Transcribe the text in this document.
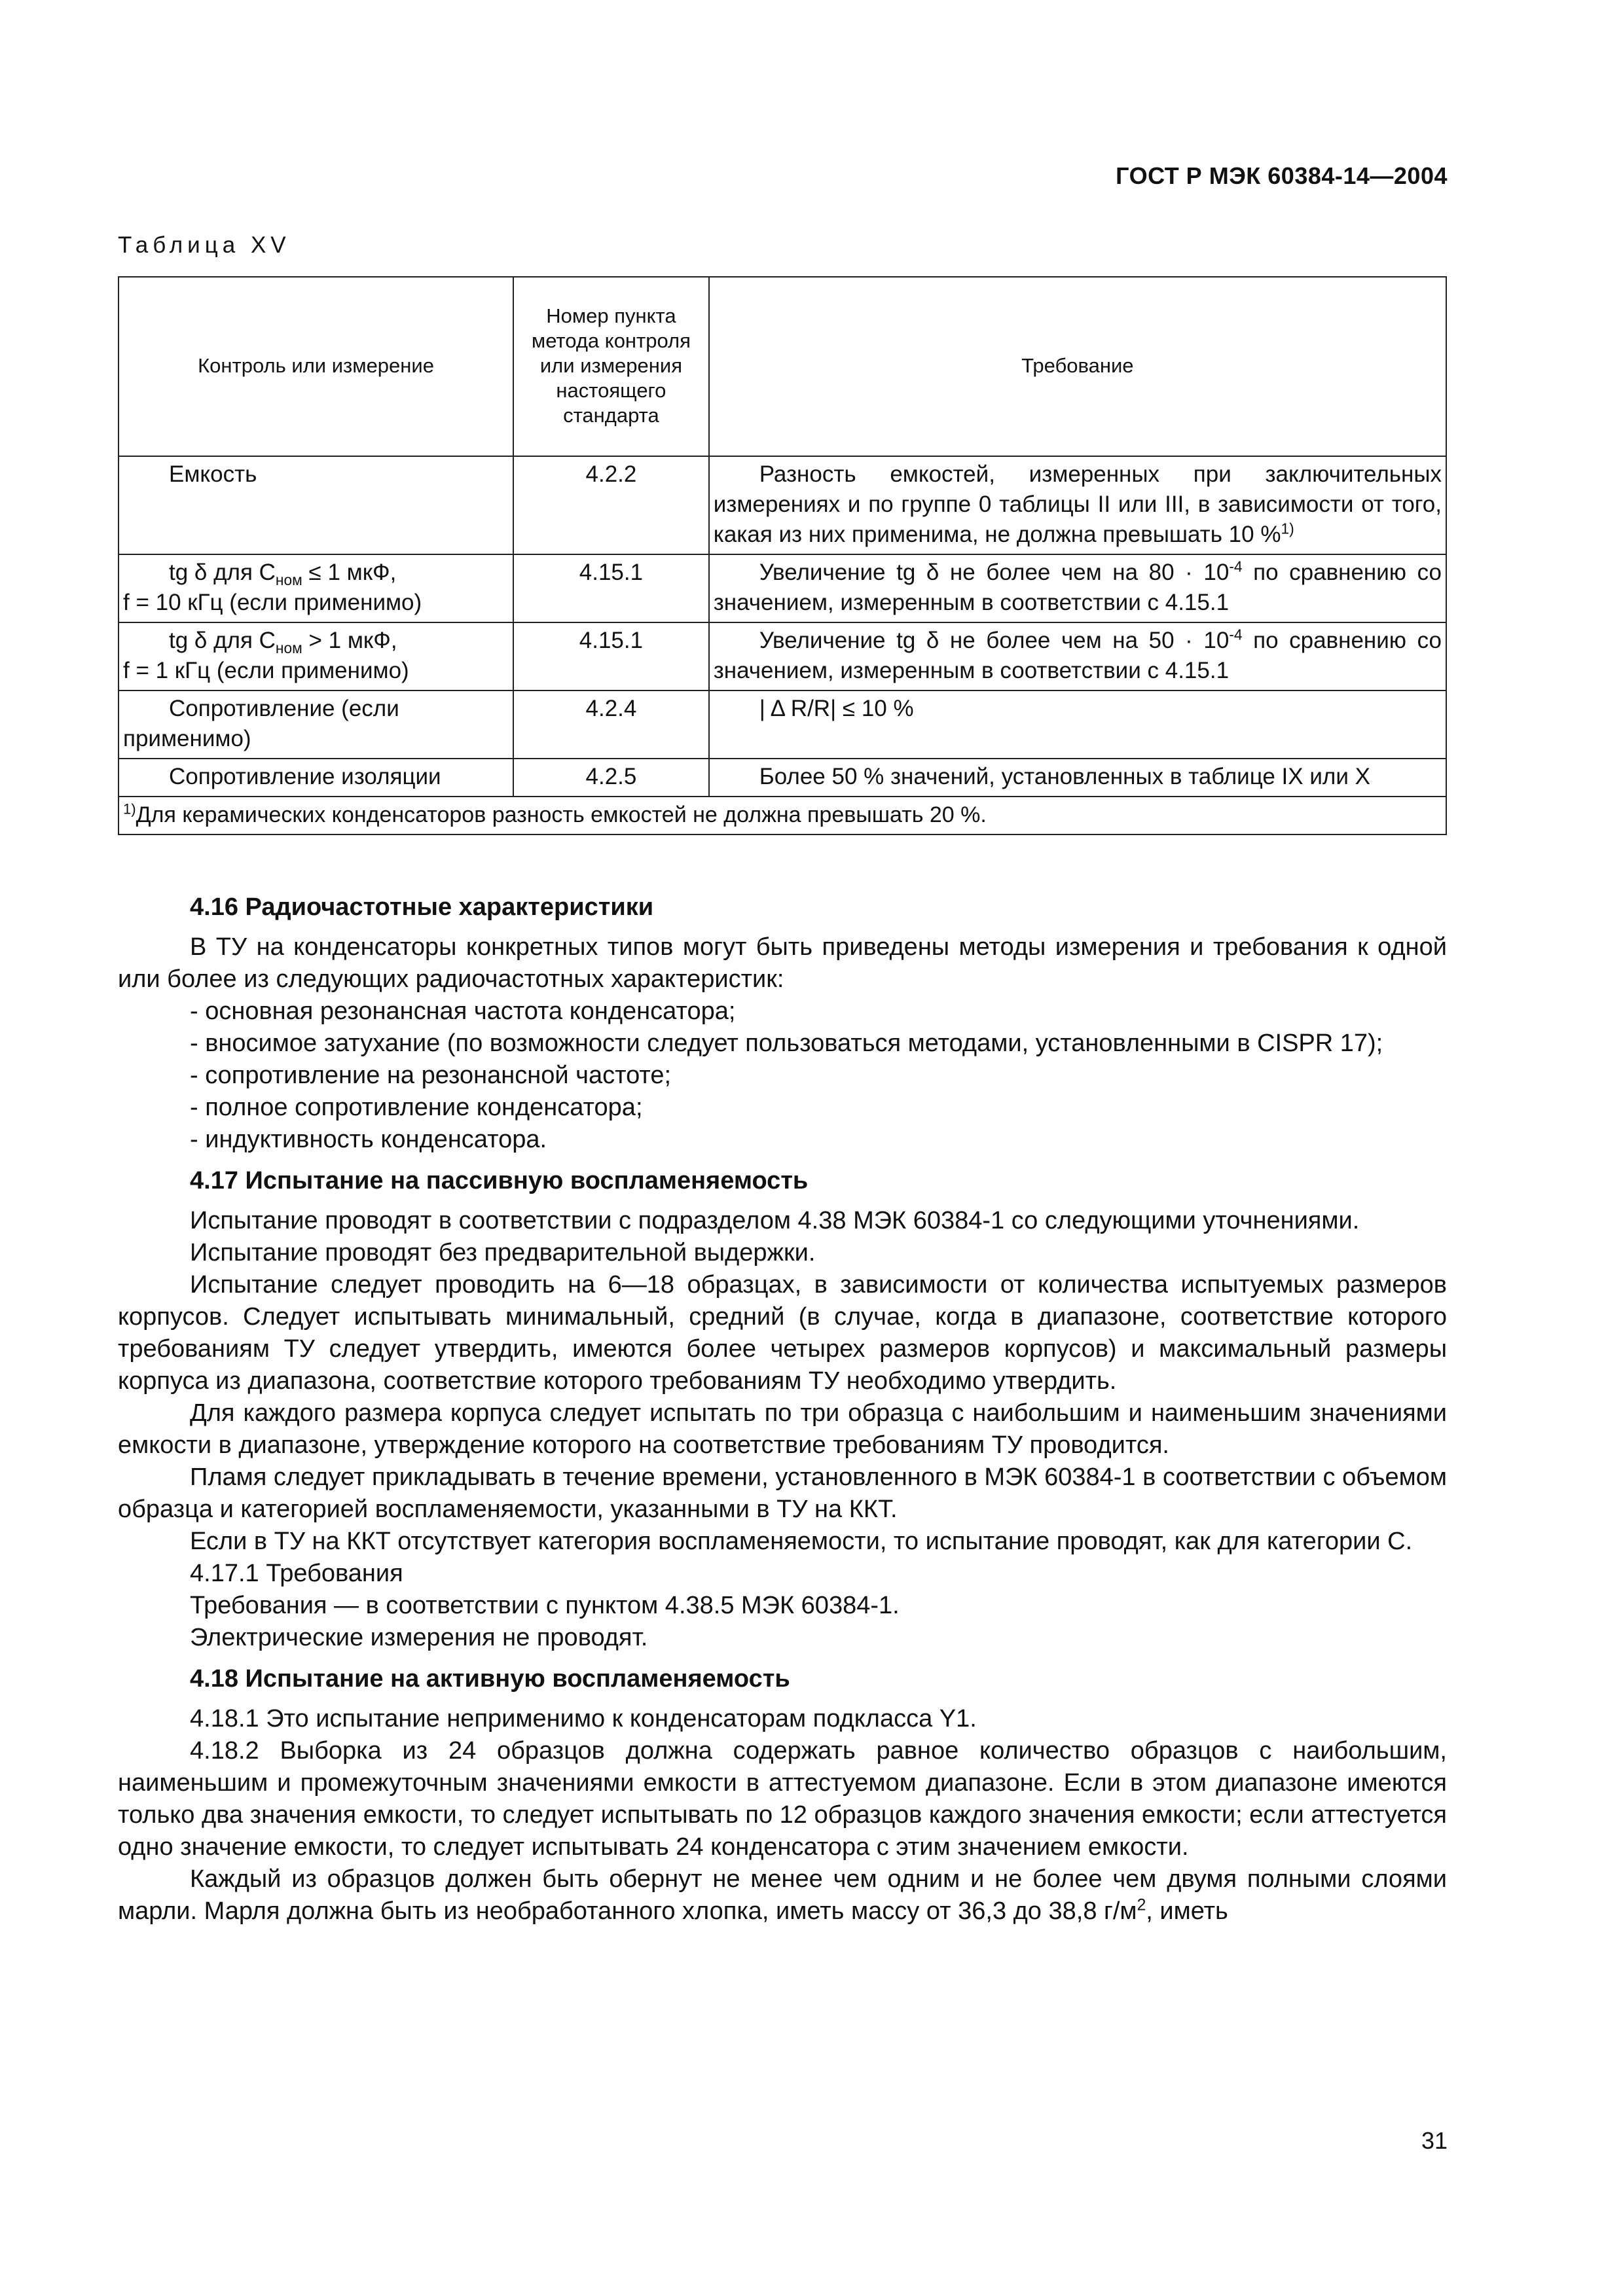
ГОСТ Р МЭК 60384-14—2004
Таблица XV
Контроль или измерение	Номер пункта метода контроля или измерения настоящего стандарта	Требование
Емкость	4.2.2	Разность емкостей, измеренных при заключительных измерениях и по группе 0 таблицы II или III, в зависимости от того, какая из них применима, не должна превышать 10 %$^{1)}$

tg δ для $C_{ном} \le 1$ мкФ,
f = 10 кГц (если применимо)	4.15.1	Увеличение tg δ не более чем на $80 \cdot 10^{-4}$ по сравнению со значением, измеренным в соответствии с 4.15.1

tg δ для $C_{ном} > 1$ мкФ,
f = 1 кГц (если применимо)	4.15.1	Увеличение tg δ не более чем на $50 \cdot 10^{-4}$ по сравнению со значением, измеренным в соответствии с 4.15.1

Сопротивление (если применимо)	4.2.4	| Δ R/R| ≤ 10 %
Сопротивление изоляции	4.2.5	Более 50 % значений, установленных в таблице IX или X
$^{1)}$Для керамических конденсаторов разность емкостей не должна превышать 20 %.		
4.16 Радиочастотные характеристики

В ТУ на конденсаторы конкретных типов могут быть приведены методы измерения и требования к одной или более из следующих радиочастотных характеристик:

- основная резонансная частота конденсатора;

- вносимое затухание (по возможности следует пользоваться методами, установленными в CISPR 17);

- сопротивление на резонансной частоте;

- полное сопротивление конденсатора;

- индуктивность конденсатора.

4.17 Испытание на пассивную воспламеняемость

Испытание проводят в соответствии с подразделом 4.38 МЭК 60384-1 со следующими уточнениями.

Испытание проводят без предварительной выдержки.

Испытание следует проводить на 6—18 образцах, в зависимости от количества испытуемых размеров корпусов. Следует испытывать минимальный, средний (в случае, когда в диапазоне, соответствие которого требованиям ТУ следует утвердить, имеются более четырех размеров корпусов) и максимальный размеры корпуса из диапазона, соответствие которого требованиям ТУ необходимо утвердить.

Для каждого размера корпуса следует испытать по три образца с наибольшим и наименьшим значениями емкости в диапазоне, утверждение которого на соответствие требованиям ТУ проводится.

Пламя следует прикладывать в течение времени, установленного в МЭК 60384-1 в соответствии с объемом образца и категорией воспламеняемости, указанными в ТУ на ККТ.

Если в ТУ на ККТ отсутствует категория воспламеняемости, то испытание проводят, как для категории С.

4.17.1 Требования

Требования — в соответствии с пунктом 4.38.5 МЭК 60384-1.

Электрические измерения не проводят.

4.18 Испытание на активную воспламеняемость

4.18.1 Это испытание неприменимо к конденсаторам подкласса Y1.

4.18.2 Выборка из 24 образцов должна содержать равное количество образцов с наибольшим, наименьшим и промежуточным значениями емкости в аттестуемом диапазоне. Если в этом диапазоне имеются только два значения емкости, то следует испытывать по 12 образцов каждого значения емкости; если аттестуется одно значение емкости, то следует испытывать 24 конденсатора с этим значением емкости.

Каждый из образцов должен быть обернут не менее чем одним и не более чем двумя полными слоями марли. Марля должна быть из необработанного хлопка, иметь массу от 36,3 до 38,8 $г/м^2$, иметь

31
